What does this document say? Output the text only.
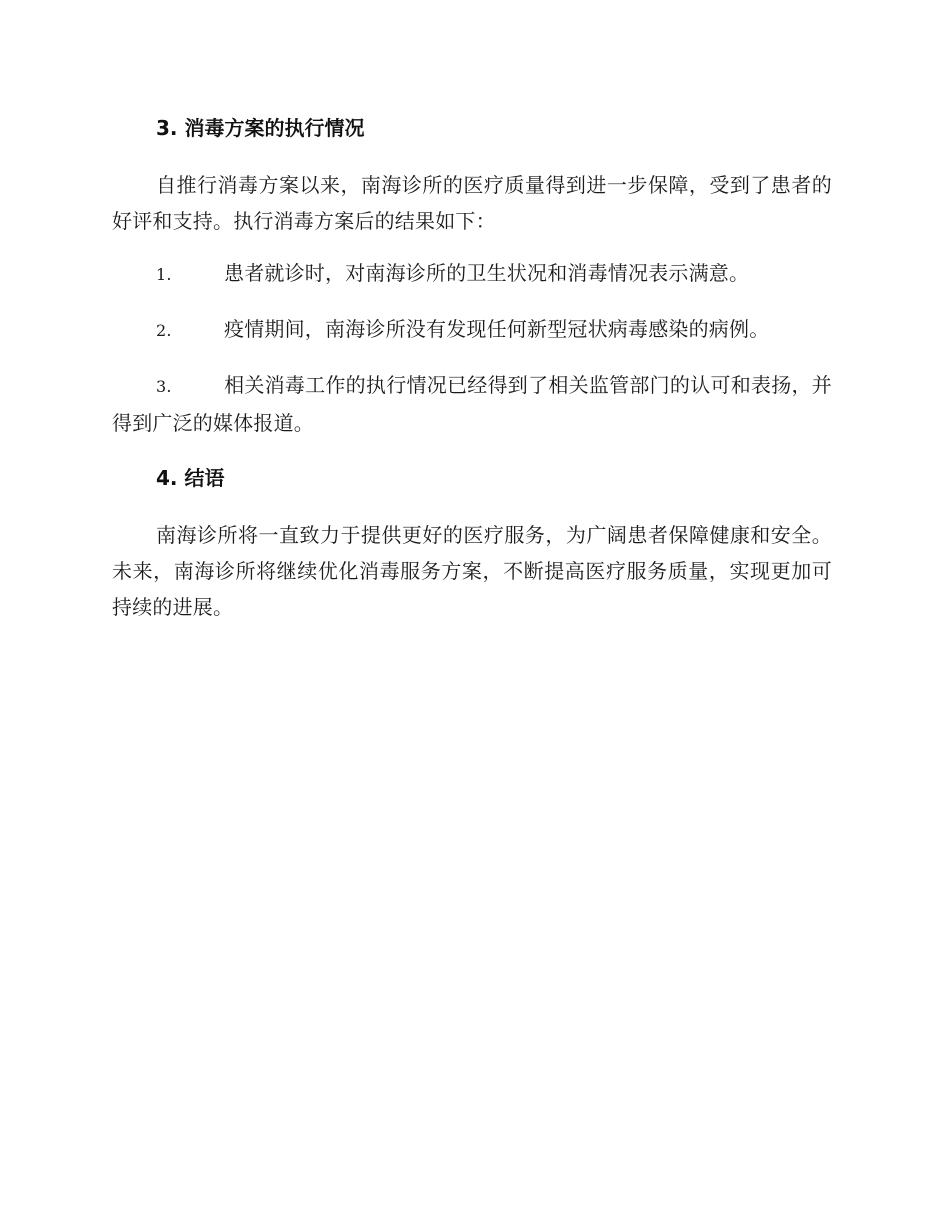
3. 消毒方案的执行情况

自推行消毒方案以来，南海诊所的医疗质量得到进一步保障，受到了患者的好评和支持。执行消毒方案后的结果如下：

1.	患者就诊时，对南海诊所的卫生状况和消毒情况表示满意。
2.	疫情期间，南海诊所没有发现任何新型冠状病毒感染的病例。
3.	相关消毒工作的执行情况已经得到了相关监管部门的认可和表扬，并得到广泛的媒体报道。
4. 结语

南海诊所将一直致力于提供更好的医疗服务，为广阔患者保障健康和安全。未来，南海诊所将继续优化消毒服务方案，不断提高医疗服务质量，实现更加可持续的进展。
